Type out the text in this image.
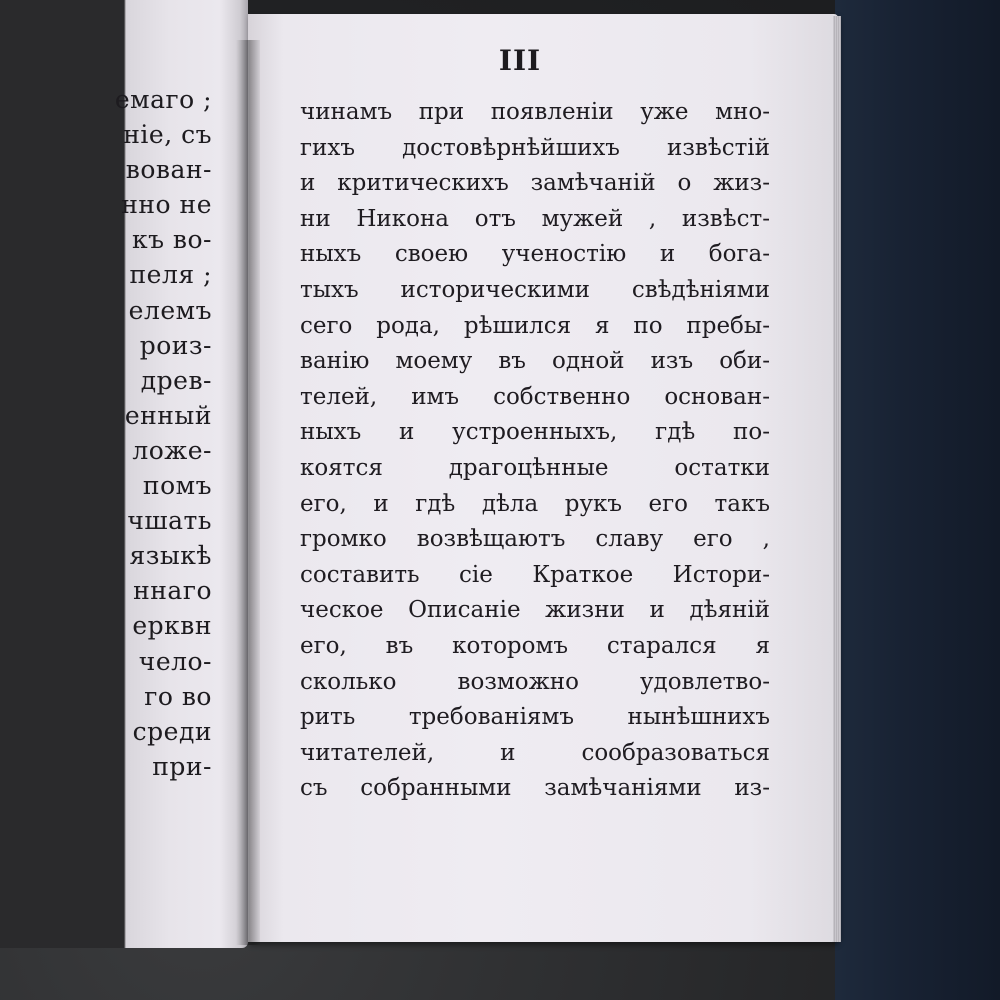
емаго ;
ніе, съ
вован-
нно не
къ во-
пеля ;
елемъ
роиз-
древ-
енный
ложе-
помъ
чшать
языкѣ
ннаго
ерквн
чело-
го во
среди
при-
III
чинамъ при появленіи уже мно-
гихъ достовѣрнѣйшихъ извѣстій
и критическихъ замѣчаній о жиз-
ни Никона отъ мужей , извѣст-
ныхъ своею ученостію и бога-
тыхъ историческими свѣдѣніями
сего рода, рѣшился я по пребы-
ванію моему въ одной изъ оби-
телей, имъ собственно основан-
ныхъ и устроенныхъ, гдѣ по-
коятся драгоцѣнные остатки
его, и гдѣ дѣла рукъ его такъ
громко возвѣщаютъ славу его ,
составить сіе Краткое Истори-
ческое Описаніе жизни и дѣяній
его, въ которомъ старался я
сколько возможно удовлетво-
рить требованіямъ нынѣшнихъ
читателей, и сообразоваться
съ собранными замѣчаніями из-
